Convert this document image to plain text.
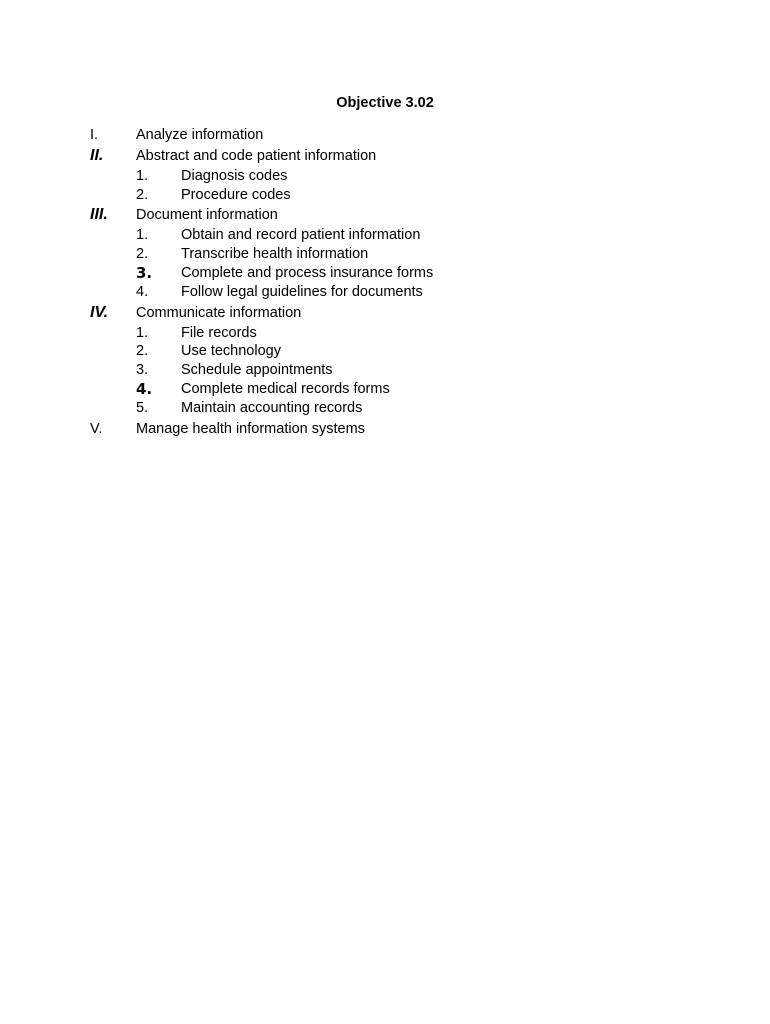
Objective 3.02
I.	Analyze information
II. Abstract and code patient information
1. Diagnosis codes
2. Procedure codes
III. Document information
1. Obtain and record patient information
2. Transcribe health information
3. Complete and process insurance forms
4. Follow legal guidelines for documents
IV. Communicate information
1. File records
2. Use technology
3. Schedule appointments
4. Complete medical records forms
5. Maintain accounting records
V. Manage health information systems
